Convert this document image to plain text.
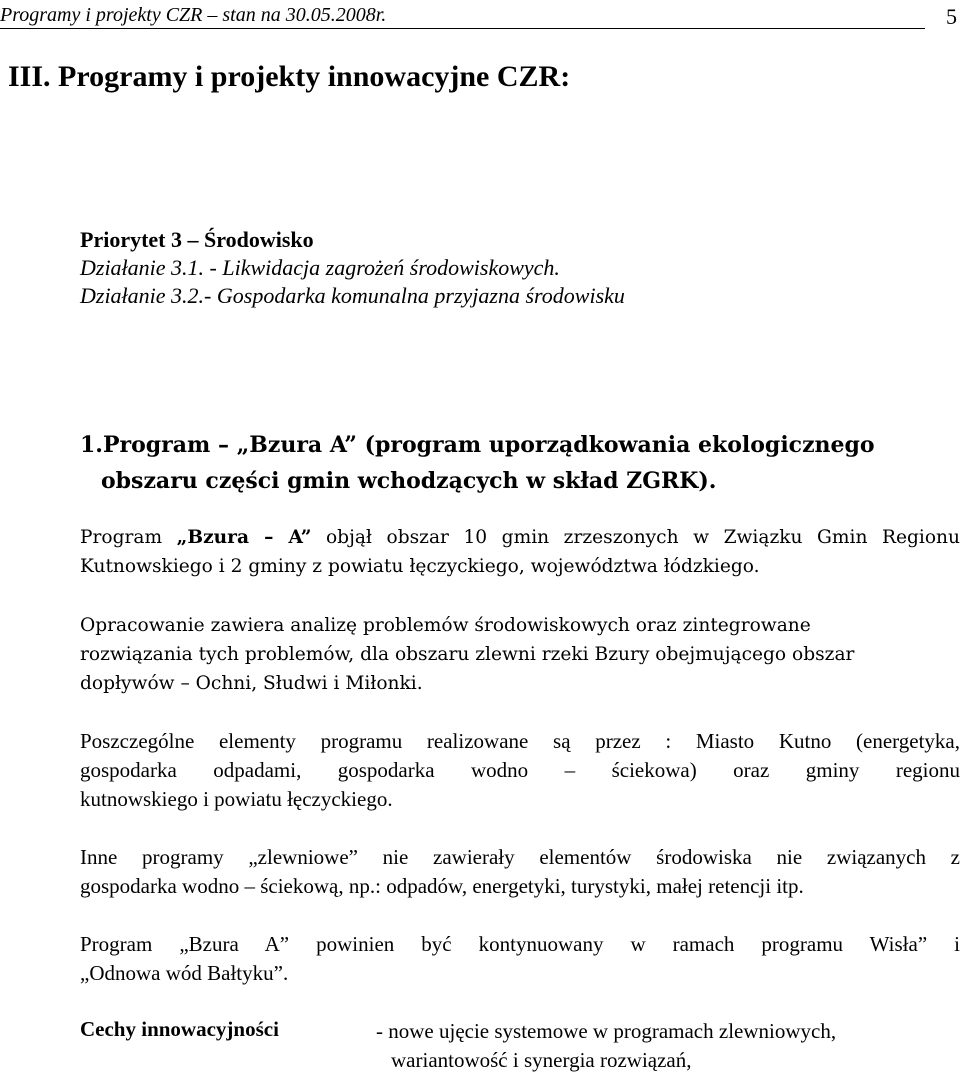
Programy i projekty CZR – stan na 30.05.2008r.	5
III. Programy i projekty innowacyjne CZR:
Priorytet 3 – Środowisko
Działanie 3.1. - Likwidacja zagrożeń środowiskowych.
Działanie 3.2.- Gospodarka komunalna przyjazna środowisku
1.Program – „Bzura A” (program uporządkowania ekologicznego
obszaru części gmin wchodzących w skład ZGRK).
Program „Bzura – A” objął obszar 10 gmin zrzeszonych w Związku Gmin Regionu
Kutnowskiego i 2 gminy z powiatu łęczyckiego, województwa łódzkiego.
Opracowanie zawiera analizę problemów środowiskowych oraz zintegrowane
rozwiązania tych problemów, dla obszaru zlewni rzeki Bzury obejmującego obszar
dopływów – Ochni, Słudwi i Miłonki.
Poszczególne elementy programu realizowane są przez : Miasto Kutno (energetyka,
gospodarka odpadami, gospodarka wodno – ściekowa) oraz gminy regionu
kutnowskiego i powiatu łęczyckiego.
Inne programy „zlewniowe” nie zawierały elementów środowiska nie związanych z
gospodarka wodno – ściekową, np.: odpadów, energetyki, turystyki, małej retencji itp.
Program „Bzura A” powinien być kontynuowany w ramach programu Wisła” i
„Odnowa wód Bałtyku”.
Cechy innowacyjności	- nowe ujęcie systemowe w programach zlewniowych,
wariantowość i synergia rozwiązań,
